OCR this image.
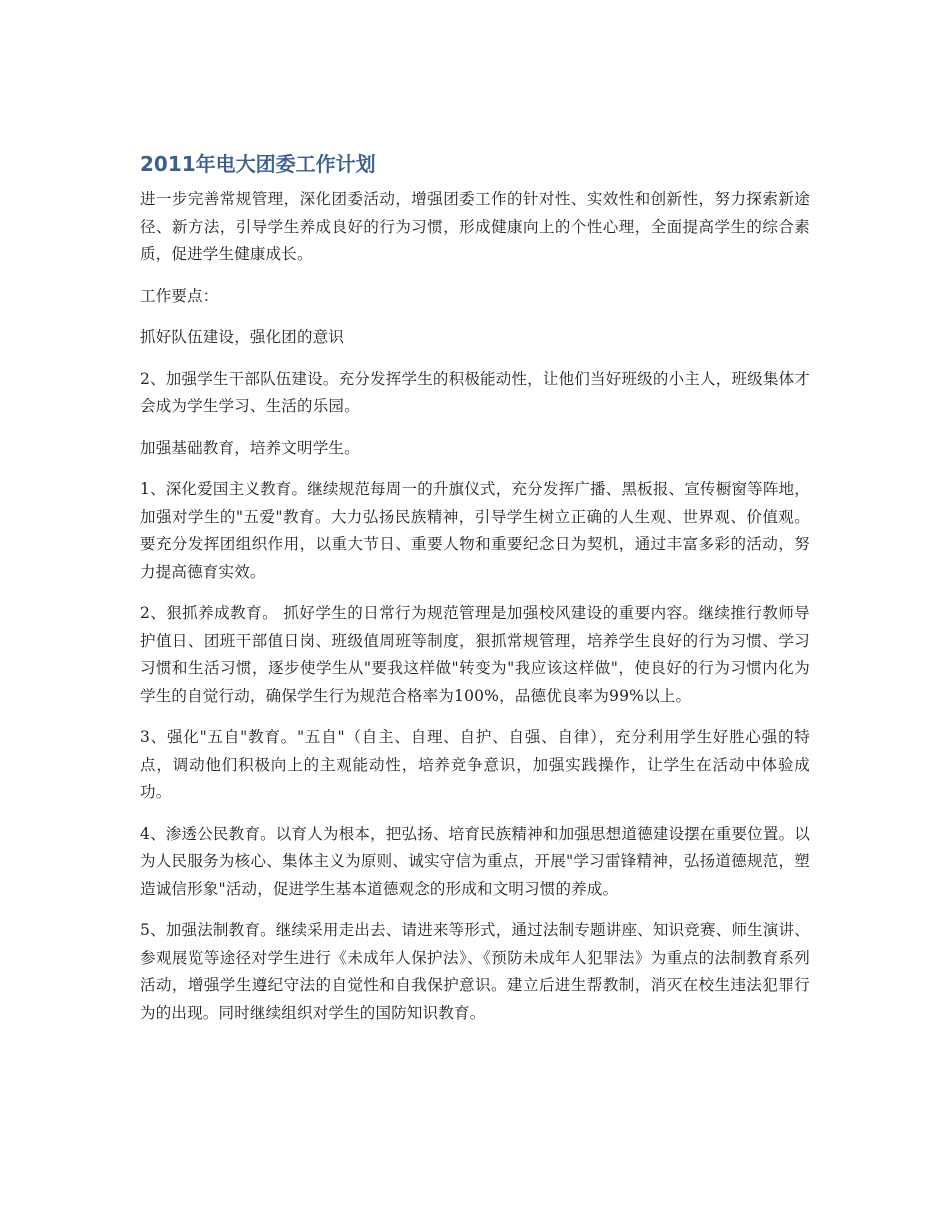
2011年电大团委工作计划

进一步完善常规管理，深化团委活动，增强团委工作的针对性、实效性和创新性，努力探索新途径、新方法，引导学生养成良好的行为习惯，形成健康向上的个性心理，全面提高学生的综合素质，促进学生健康成长。

工作要点：

抓好队伍建设，强化团的意识

2、加强学生干部队伍建设。充分发挥学生的积极能动性，让他们当好班级的小主人，班级集体才会成为学生学习、生活的乐园。

加强基础教育，培养文明学生。

1、深化爱国主义教育。继续规范每周一的升旗仪式，充分发挥广播、黑板报、宣传橱窗等阵地，加强对学生的"五爱"教育。大力弘扬民族精神，引导学生树立正确的人生观、世界观、价值观。要充分发挥团组织作用，以重大节日、重要人物和重要纪念日为契机，通过丰富多彩的活动，努力提高德育实效。

2、狠抓养成教育。 抓好学生的日常行为规范管理是加强校风建设的重要内容。继续推行教师导护值日、团班干部值日岗、班级值周班等制度，狠抓常规管理，培养学生良好的行为习惯、学习习惯和生活习惯，逐步使学生从"要我这样做"转变为"我应该这样做"，使良好的行为习惯内化为学生的自觉行动，确保学生行为规范合格率为100%，品德优良率为99%以上。

3、强化"五自"教育。"五自"（自主、自理、自护、自强、自律），充分利用学生好胜心强的特点，调动他们积极向上的主观能动性，培养竞争意识，加强实践操作，让学生在活动中体验成功。

4、渗透公民教育。以育人为根本，把弘扬、培育民族精神和加强思想道德建设摆在重要位置。以为人民服务为核心、集体主义为原则、诚实守信为重点，开展"学习雷锋精神，弘扬道德规范，塑造诚信形象"活动，促进学生基本道德观念的形成和文明习惯的养成。

5、加强法制教育。继续采用走出去、请进来等形式，通过法制专题讲座、知识竞赛、师生演讲、参观展览等途径对学生进行《未成年人保护法》、《预防未成年人犯罪法》为重点的法制教育系列活动，增强学生遵纪守法的自觉性和自我保护意识。建立后进生帮教制，消灭在校生违法犯罪行为的出现。同时继续组织对学生的国防知识教育。
